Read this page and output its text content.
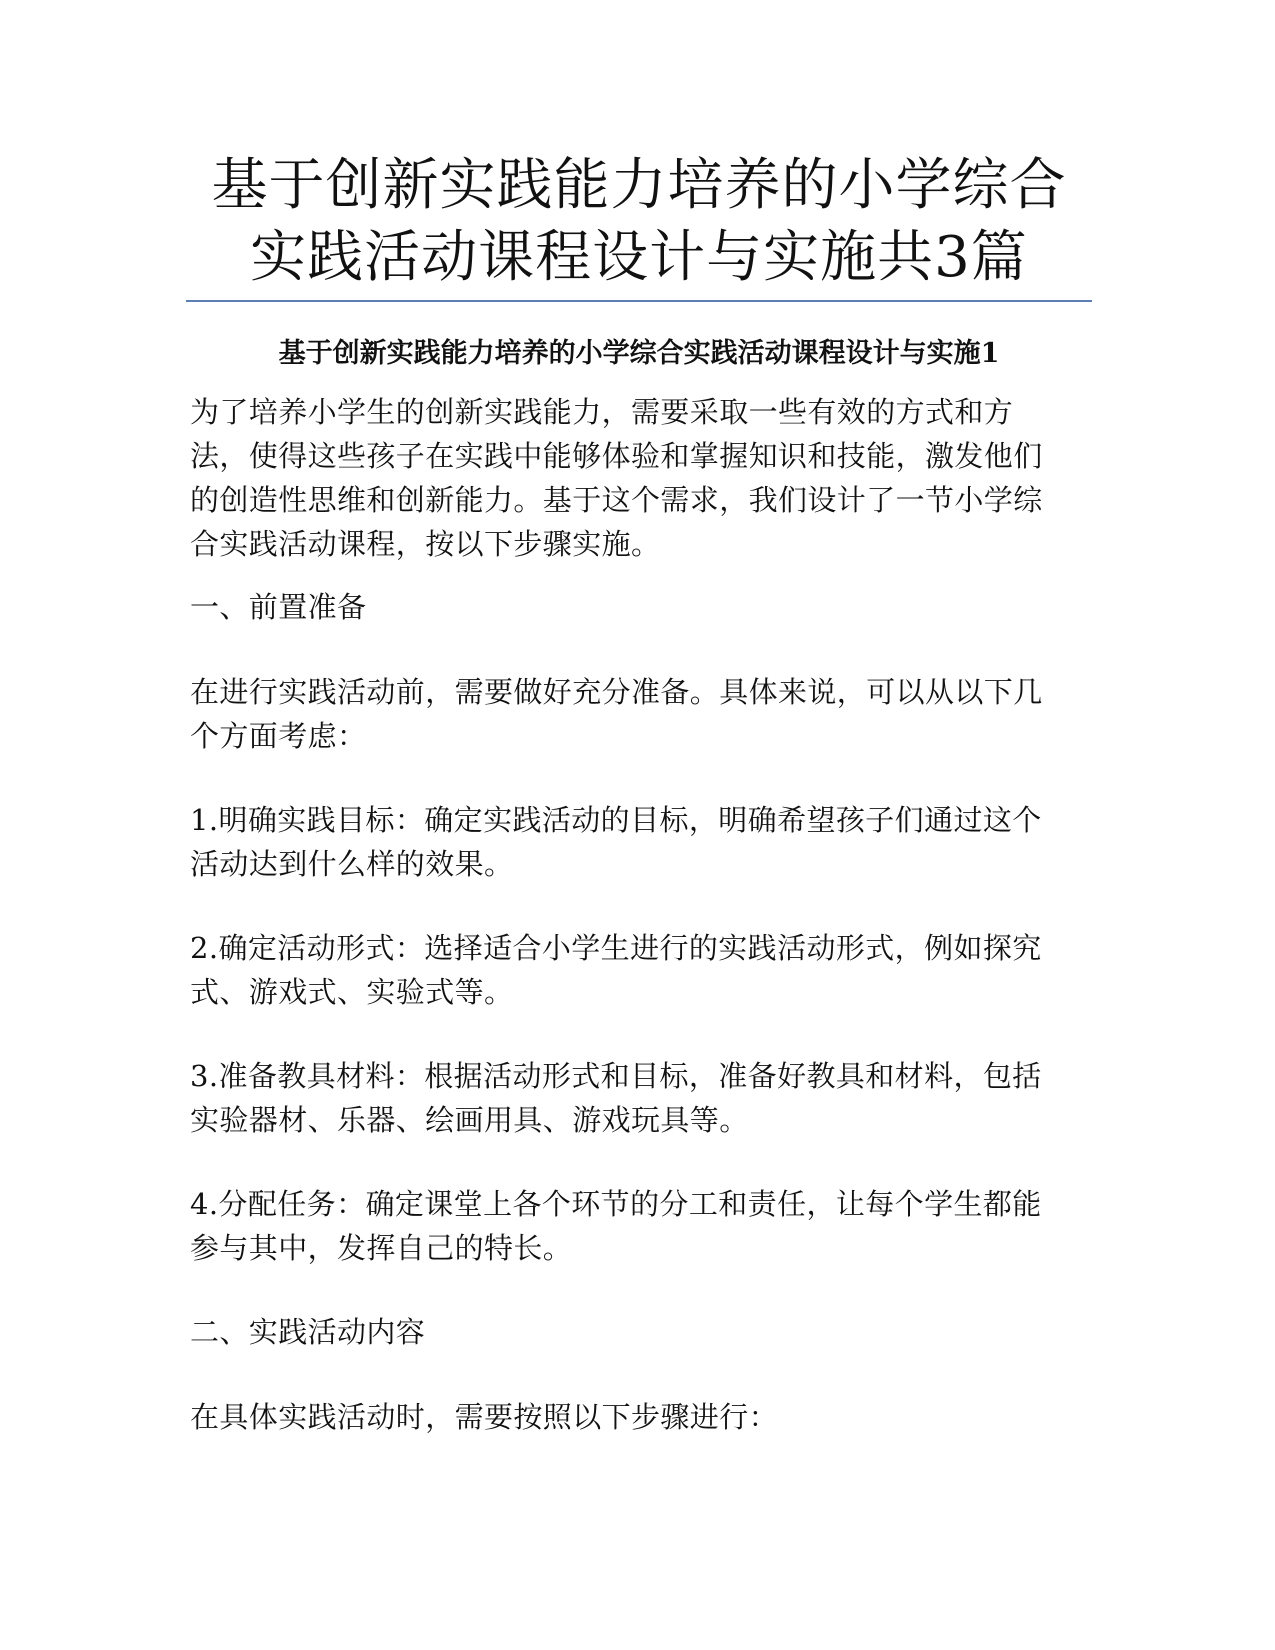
基于创新实践能力培养的小学综合实践活动课程设计与实施共3篇
基于创新实践能力培养的小学综合实践活动课程设计与实施1

为了培养小学生的创新实践能力，需要采取一些有效的方式和方法，使得这些孩子在实践中能够体验和掌握知识和技能，激发他们的创造性思维和创新能力。基于这个需求，我们设计了一节小学综合实践活动课程，按以下步骤实施。

一、前置准备

在进行实践活动前，需要做好充分准备。具体来说，可以从以下几个方面考虑：

1.明确实践目标：确定实践活动的目标，明确希望孩子们通过这个活动达到什么样的效果。

2.确定活动形式：选择适合小学生进行的实践活动形式，例如探究式、游戏式、实验式等。

3.准备教具材料：根据活动形式和目标，准备好教具和材料，包括实验器材、乐器、绘画用具、游戏玩具等。

4.分配任务：确定课堂上各个环节的分工和责任，让每个学生都能参与其中，发挥自己的特长。

二、实践活动内容

在具体实践活动时，需要按照以下步骤进行：
